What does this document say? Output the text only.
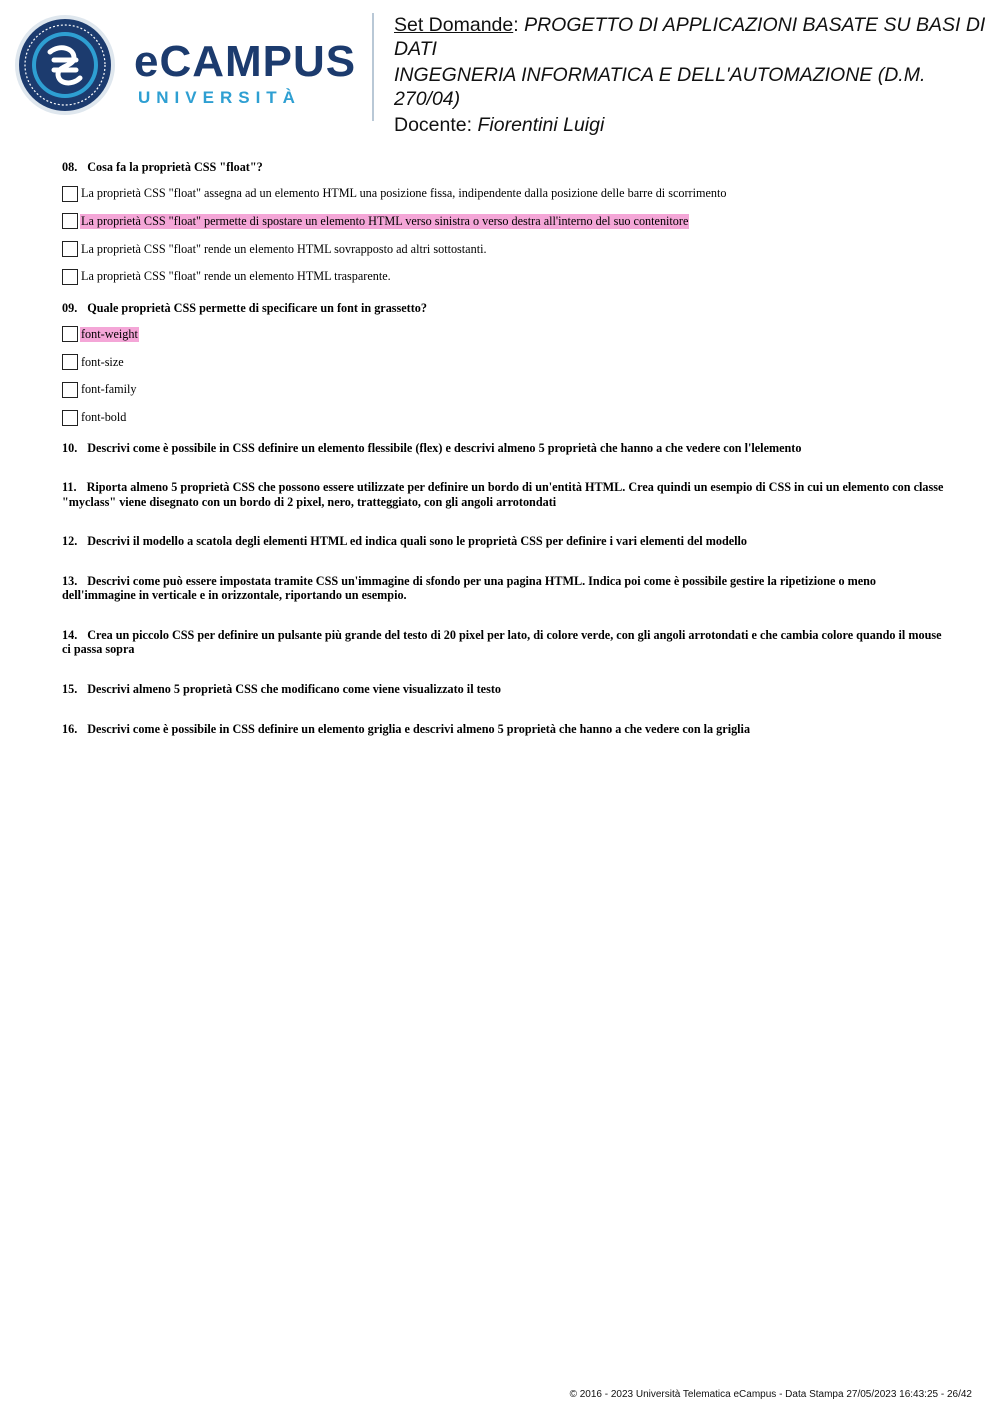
eCAMPUS
UNIVERSITÀ
Set Domande: PROGETTO DI APPLICAZIONI BASATE SU BASI DI DATI
INGEGNERIA INFORMATICA E DELL'AUTOMAZIONE (D.M. 270/04)
Docente: Fiorentini Luigi
08. Cosa fa la proprietà CSS "float"?
La proprietà CSS "float" assegna ad un elemento HTML una posizione fissa, indipendente dalla posizione delle barre di scorrimento
La proprietà CSS "float" permette di spostare un elemento HTML verso sinistra o verso destra all'interno del suo contenitore
La proprietà CSS "float" rende un elemento HTML sovrapposto ad altri sottostanti.
La proprietà CSS "float" rende un elemento HTML trasparente.
09. Quale proprietà CSS permette di specificare un font in grassetto?
font-weight
font-size
font-family
font-bold
10. Descrivi come è possibile in CSS definire un elemento flessibile (flex) e descrivi almeno 5 proprietà che hanno a che vedere con l'lelemento
11. Riporta almeno 5 proprietà CSS che possono essere utilizzate per definire un bordo di un'entità HTML. Crea quindi un esempio di CSS in cui un elemento con classe "myclass" viene disegnato con un bordo di 2 pixel, nero, tratteggiato, con gli angoli arrotondati
12. Descrivi il modello a scatola degli elementi HTML ed indica quali sono le proprietà CSS per definire i vari elementi del modello
13. Descrivi come può essere impostata tramite CSS un'immagine di sfondo per una pagina HTML. Indica poi come è possibile gestire la ripetizione o meno dell'immagine in verticale e in orizzontale, riportando un esempio.
14. Crea un piccolo CSS per definire un pulsante più grande del testo di 20 pixel per lato, di colore verde, con gli angoli arrotondati e che cambia colore quando il mouse ci passa sopra
15. Descrivi almeno 5 proprietà CSS che modificano come viene visualizzato il testo
16. Descrivi come è possibile in CSS definire un elemento griglia e descrivi almeno 5 proprietà che hanno a che vedere con la griglia
© 2016 - 2023 Università Telematica eCampus - Data Stampa 27/05/2023 16:43:25 - 26/42
